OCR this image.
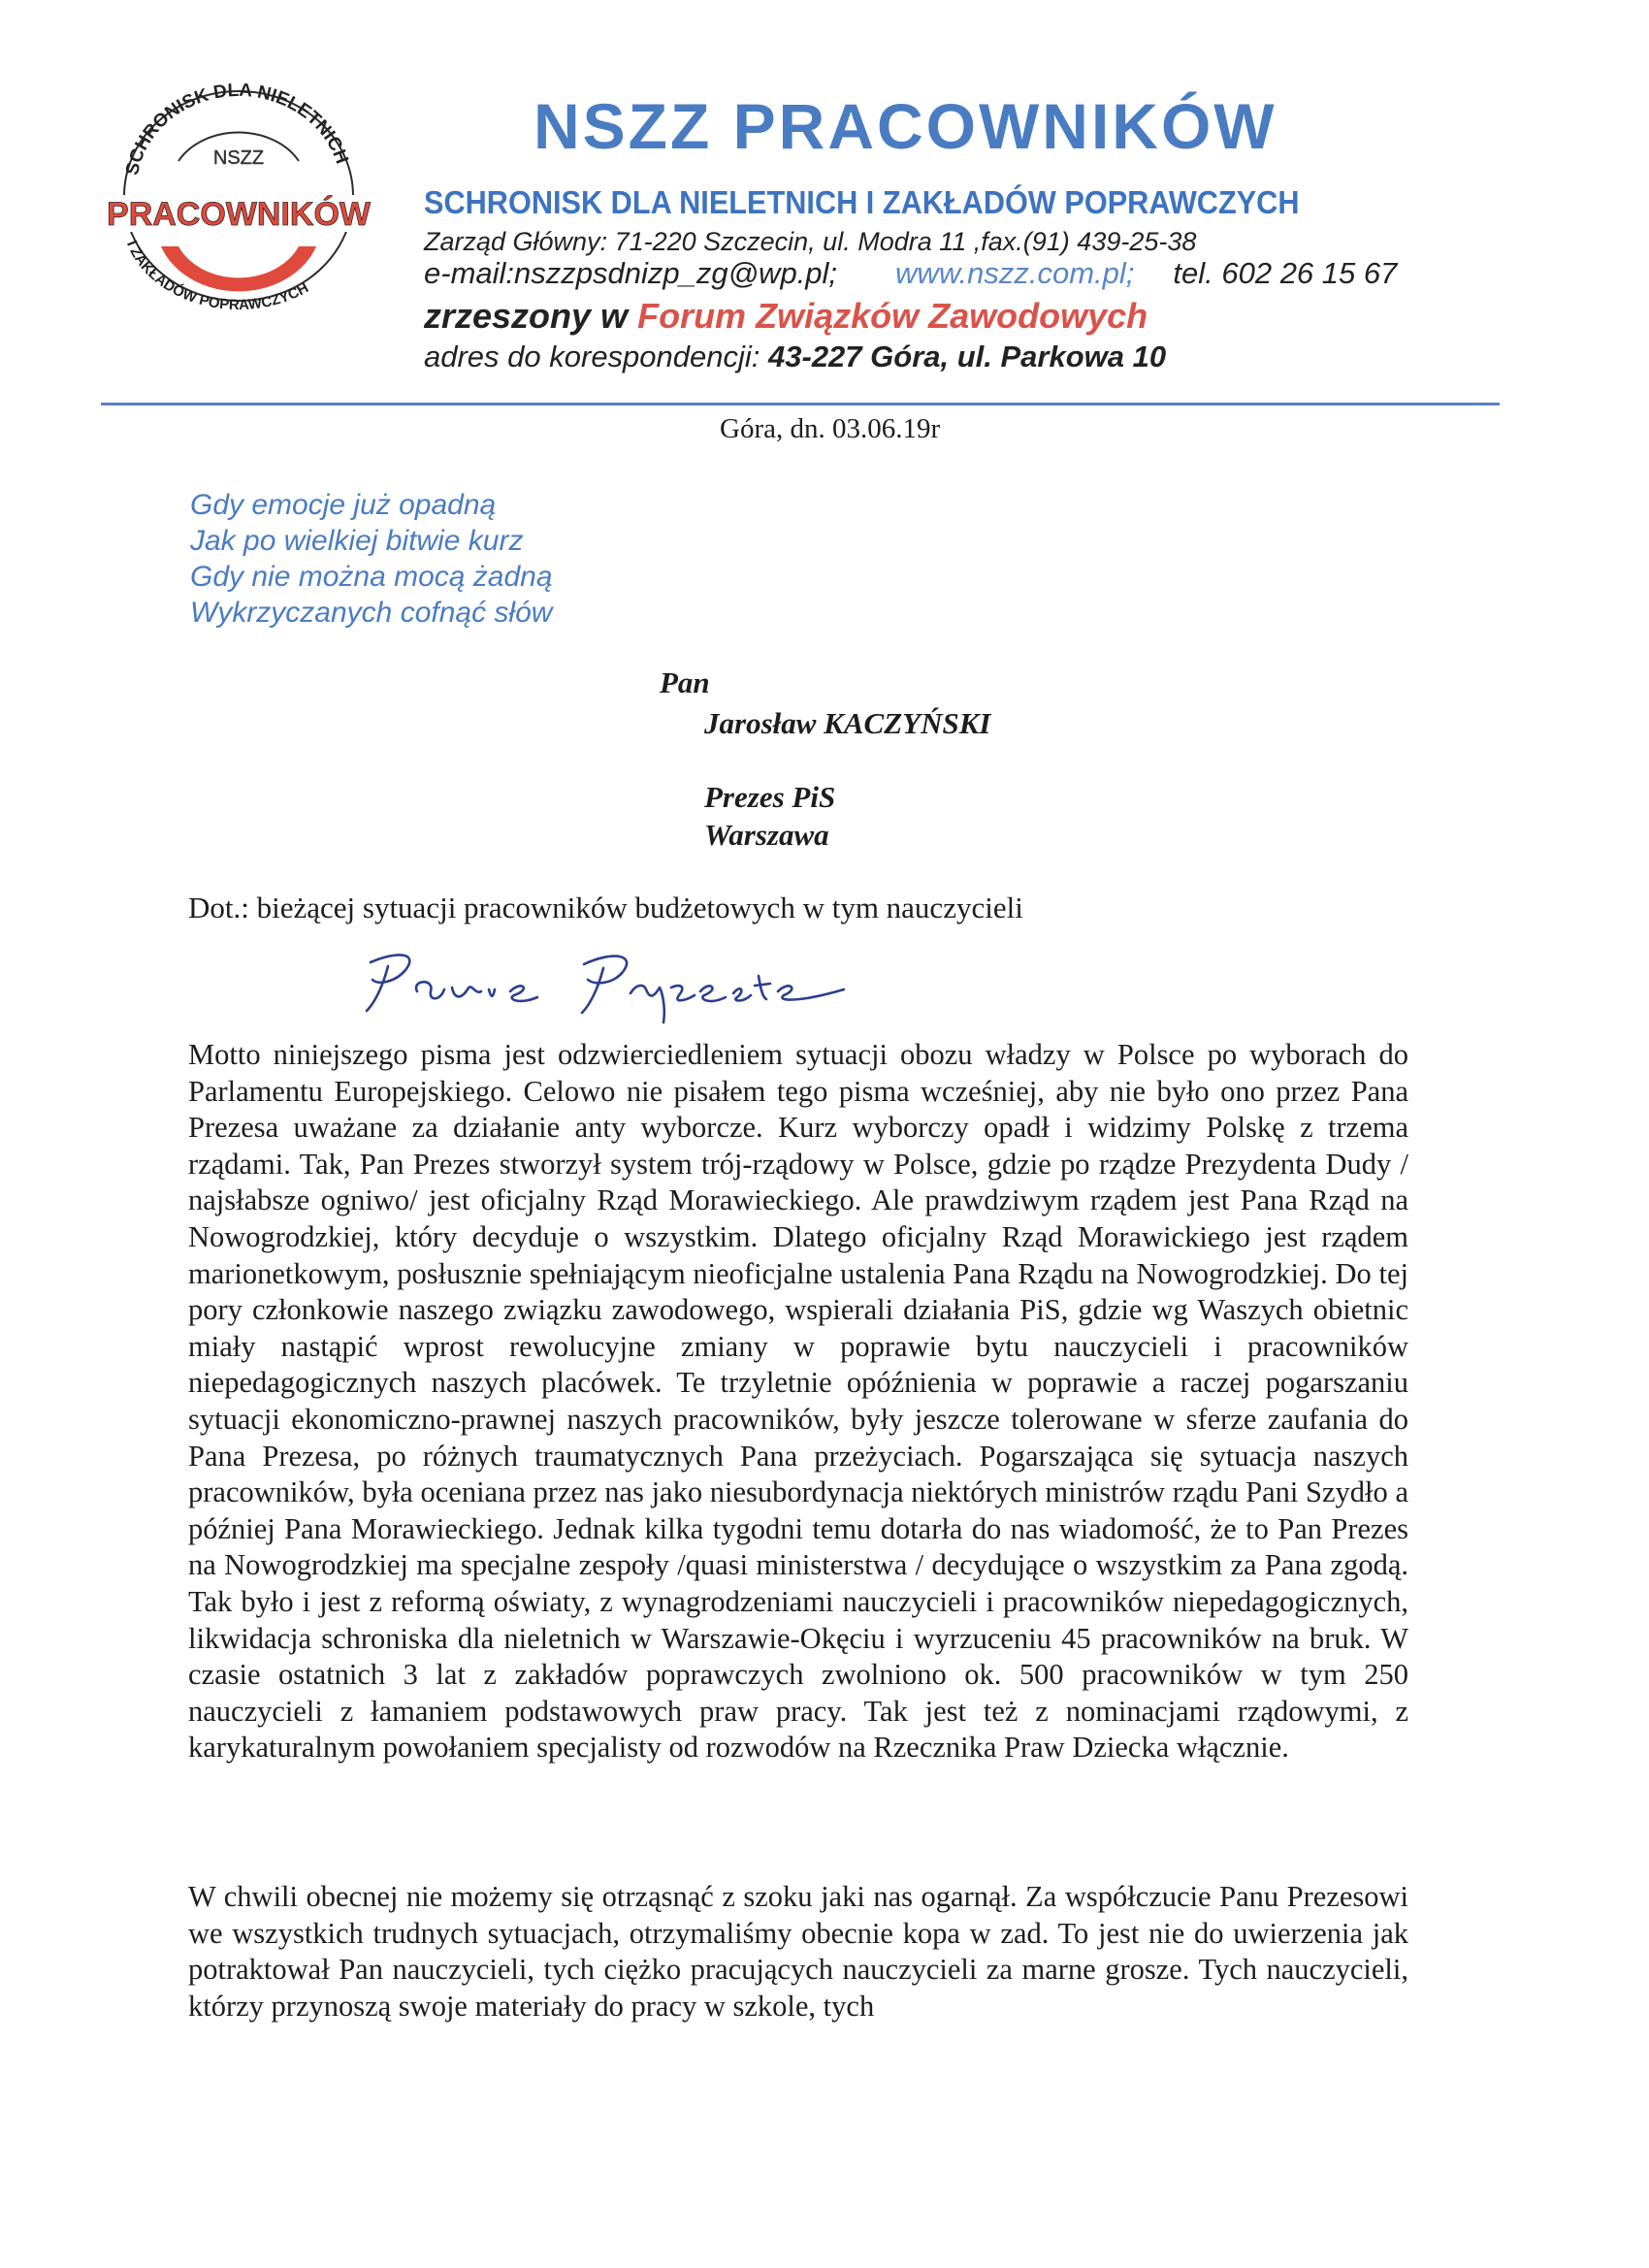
SCHRONISK DLA NIELETNICH
NSZZ
PRACOWNIKÓW
I ZAKŁADÓW POPRAWCZYCH
NSZZ PRACOWNIKÓW
SCHRONISK DLA NIELETNICH I ZAKŁADÓW POPRAWCZYCH
Zarząd Główny: 71-220 Szczecin, ul. Modra 11 ,fax.(91) 439-25-38
e-mail:nszzpsdnizp_zg@wp.pl; www.nszz.com.pl; tel. 602 26 15 67
zrzeszony w Forum Związków Zawodowych
adres do korespondencji: 43-227 Góra, ul. Parkowa 10
Góra, dn. 03.06.19r
Gdy emocje już opadną
Jak po wielkiej bitwie kurz
Gdy nie można mocą żadną
Wykrzyczanych cofnąć słów
Pan
Jarosław KACZYŃSKI
Prezes PiS
Warszawa
Dot.: bieżącej sytuacji pracowników budżetowych w tym nauczycieli
Motto niniejszego pisma jest odzwierciedleniem sytuacji obozu władzy w Polsce po wyborach do Parlamentu Europejskiego. Celowo nie pisałem tego pisma wcześniej, aby nie było ono przez Pana Prezesa uważane za działanie anty wyborcze. Kurz wyborczy opadł i widzimy Polskę z trzema rządami. Tak, Pan Prezes stworzył system trój-rządowy w Polsce, gdzie po rządze Prezydenta Dudy / najsłabsze ogniwo/ jest oficjalny Rząd Morawieckiego. Ale prawdziwym rządem jest Pana Rząd na Nowogrodzkiej, który decyduje o wszystkim. Dlatego oficjalny Rząd Morawickiego jest rządem marionetkowym, posłusznie spełniającym nieoficjalne ustalenia Pana Rządu na Nowogrodzkiej. Do tej pory członkowie naszego związku zawodowego, wspierali działania PiS, gdzie wg Waszych obietnic miały nastąpić wprost rewolucyjne zmiany w poprawie bytu nauczycieli i pracowników niepedagogicznych naszych placówek. Te trzyletnie opóźnienia w poprawie a raczej pogarszaniu sytuacji ekonomiczno-prawnej naszych pracowników, były jeszcze tolerowane w sferze zaufania do Pana Prezesa, po różnych traumatycznych Pana przeżyciach. Pogarszająca się sytuacja naszych pracowników, była oceniana przez nas jako niesubordynacja niektórych ministrów rządu Pani Szydło a później Pana Morawieckiego. Jednak kilka tygodni temu dotarła do nas wiadomość, że to Pan Prezes na Nowogrodzkiej ma specjalne zespoły /quasi ministerstwa / decydujące o wszystkim za Pana zgodą. Tak było i jest z reformą oświaty, z wynagrodzeniami nauczycieli i pracowników niepedagogicznych, likwidacja schroniska dla nieletnich w Warszawie-Okęciu i wyrzuceniu 45 pracowników na bruk. W czasie ostatnich 3 lat z zakładów poprawczych zwolniono ok. 500 pracowników w tym 250 nauczycieli z łamaniem podstawowych praw pracy. Tak jest też z nominacjami rządowymi, z karykaturalnym powołaniem specjalisty od rozwodów na Rzecznika Praw Dziecka włącznie.
W chwili obecnej nie możemy się otrząsnąć z szoku jaki nas ogarnął. Za współczucie Panu Prezesowi we wszystkich trudnych sytuacjach, otrzymaliśmy obecnie kopa w zad. To jest nie do uwierzenia jak potraktował Pan nauczycieli, tych ciężko pracujących nauczycieli za marne grosze. Tych nauczycieli, którzy przynoszą swoje materiały do pracy w szkole, tych
